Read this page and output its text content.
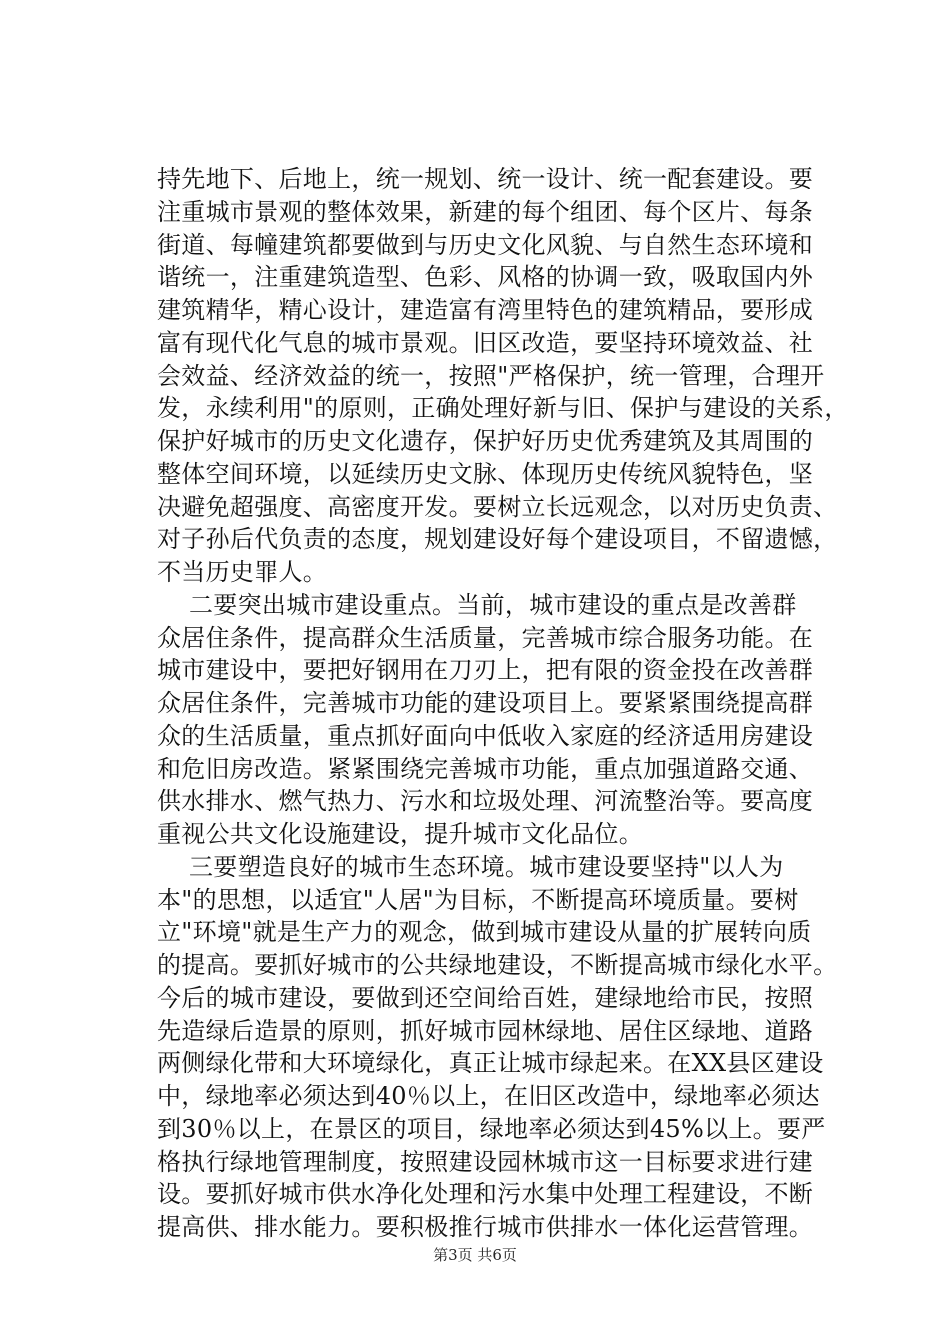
持先地下、后地上，统一规划、统一设计、统一配套建设。要
注重城市景观的整体效果，新建的每个组团、每个区片、每条
街道、每幢建筑都要做到与历史文化风貌、与自然生态环境和
谐统一，注重建筑造型、色彩、风格的协调一致，吸取国内外
建筑精华，精心设计，建造富有湾里特色的建筑精品，要形成
富有现代化气息的城市景观。旧区改造，要坚持环境效益、社
会效益、经济效益的统一，按照"严格保护，统一管理，合理开
发，永续利用"的原则，正确处理好新与旧、保护与建设的关系，
保护好城市的历史文化遗存，保护好历史优秀建筑及其周围的
整体空间环境，以延续历史文脉、体现历史传统风貌特色，坚
决避免超强度、高密度开发。要树立长远观念，以对历史负责、
对子孙后代负责的态度，规划建设好每个建设项目，不留遗憾，
不当历史罪人。
二要突出城市建设重点。当前，城市建设的重点是改善群
众居住条件，提高群众生活质量，完善城市综合服务功能。在
城市建设中，要把好钢用在刀刃上，把有限的资金投在改善群
众居住条件，完善城市功能的建设项目上。要紧紧围绕提高群
众的生活质量，重点抓好面向中低收入家庭的经济适用房建设
和危旧房改造。紧紧围绕完善城市功能，重点加强道路交通、
供水排水、燃气热力、污水和垃圾处理、河流整治等。要高度
重视公共文化设施建设，提升城市文化品位。
三要塑造良好的城市生态环境。城市建设要坚持"以人为
本"的思想，以适宜"人居"为目标，不断提高环境质量。要树
立"环境"就是生产力的观念，做到城市建设从量的扩展转向质
的提高。要抓好城市的公共绿地建设，不断提高城市绿化水平。
今后的城市建设，要做到还空间给百姓，建绿地给市民，按照
先造绿后造景的原则，抓好城市园林绿地、居住区绿地、道路
两侧绿化带和大环境绿化，真正让城市绿起来。在XX县区建设
中，绿地率必须达到40％以上，在旧区改造中，绿地率必须达
到30％以上，在景区的项目，绿地率必须达到45%以上。要严
格执行绿地管理制度，按照建设园林城市这一目标要求进行建
设。要抓好城市供水净化处理和污水集中处理工程建设，不断
提高供、排水能力。要积极推行城市供排水一体化运营管理。
第3页 共6页
